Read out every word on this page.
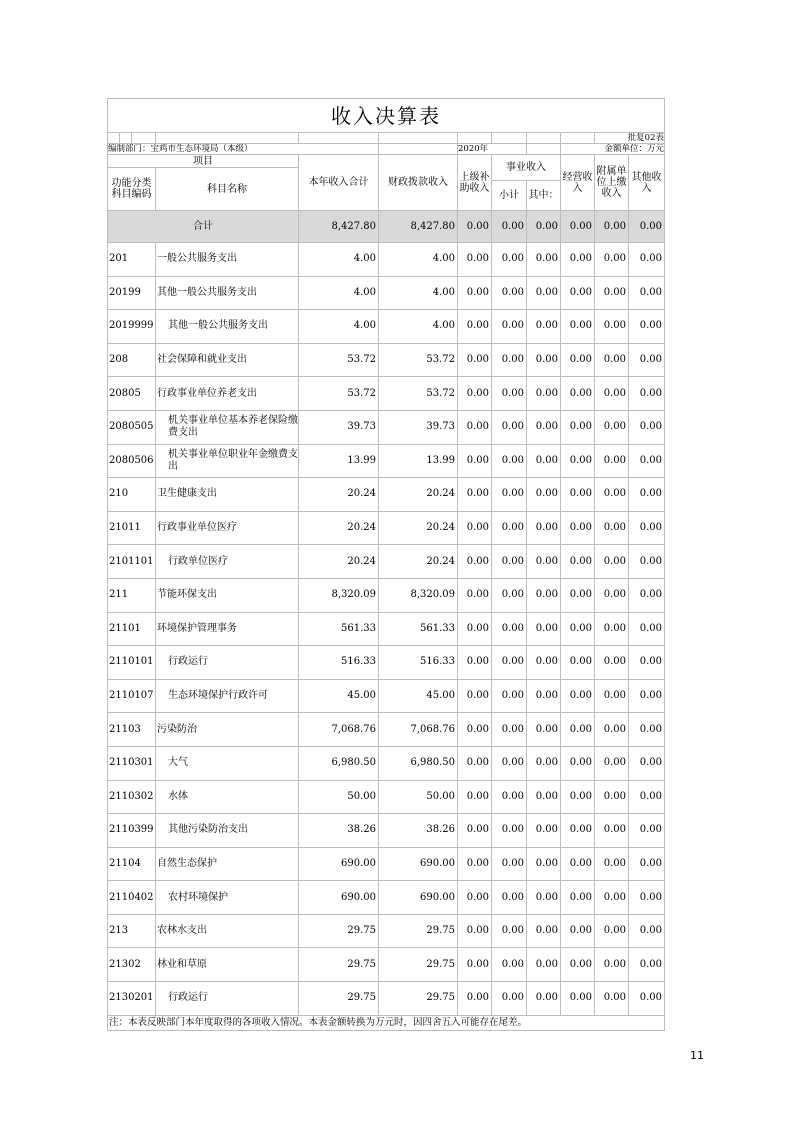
收入决算表											
										批复02表	
编制部门：宝鸡市生态环境局（本级）						2020年			金额单位：万元		
项目				本年收入合计	财政拨款收入	上级补助收入	事业收入		经营收入	附属单位上缴收入	其他收入
功能分类科目编码			科目名称								
							小计	其中：			
合计				8,427.80	8,427.80	0.00	0.00	0.00	0.00	0.00	0.00
201			一般公共服务支出	4.00	4.00	0.00	0.00	0.00	0.00	0.00	0.00
20199			其他一般公共服务支出	4.00	4.00	0.00	0.00	0.00	0.00	0.00	0.00
2019999			其他一般公共服务支出	4.00	4.00	0.00	0.00	0.00	0.00	0.00	0.00
208			社会保障和就业支出	53.72	53.72	0.00	0.00	0.00	0.00	0.00	0.00
20805			行政事业单位养老支出	53.72	53.72	0.00	0.00	0.00	0.00	0.00	0.00
2080505			机关事业单位基本养老保险缴费支出	39.73	39.73	0.00	0.00	0.00	0.00	0.00	0.00
2080506			机关事业单位职业年金缴费支出	13.99	13.99	0.00	0.00	0.00	0.00	0.00	0.00
210			卫生健康支出	20.24	20.24	0.00	0.00	0.00	0.00	0.00	0.00
21011			行政事业单位医疗	20.24	20.24	0.00	0.00	0.00	0.00	0.00	0.00
2101101			行政单位医疗	20.24	20.24	0.00	0.00	0.00	0.00	0.00	0.00
211			节能环保支出	8,320.09	8,320.09	0.00	0.00	0.00	0.00	0.00	0.00
21101			环境保护管理事务	561.33	561.33	0.00	0.00	0.00	0.00	0.00	0.00
2110101			行政运行	516.33	516.33	0.00	0.00	0.00	0.00	0.00	0.00
2110107			生态环境保护行政许可	45.00	45.00	0.00	0.00	0.00	0.00	0.00	0.00
21103			污染防治	7,068.76	7,068.76	0.00	0.00	0.00	0.00	0.00	0.00
2110301			大气	6,980.50	6,980.50	0.00	0.00	0.00	0.00	0.00	0.00
2110302			水体	50.00	50.00	0.00	0.00	0.00	0.00	0.00	0.00
2110399			其他污染防治支出	38.26	38.26	0.00	0.00	0.00	0.00	0.00	0.00
21104			自然生态保护	690.00	690.00	0.00	0.00	0.00	0.00	0.00	0.00
2110402			农村环境保护	690.00	690.00	0.00	0.00	0.00	0.00	0.00	0.00
213			农林水支出	29.75	29.75	0.00	0.00	0.00	0.00	0.00	0.00
21302			林业和草原	29.75	29.75	0.00	0.00	0.00	0.00	0.00	0.00
2130201			行政运行	29.75	29.75	0.00	0.00	0.00	0.00	0.00	0.00
注：本表反映部门本年度取得的各项收入情况。本表金额转换为万元时，因四舍五入可能存在尾差。											
11
